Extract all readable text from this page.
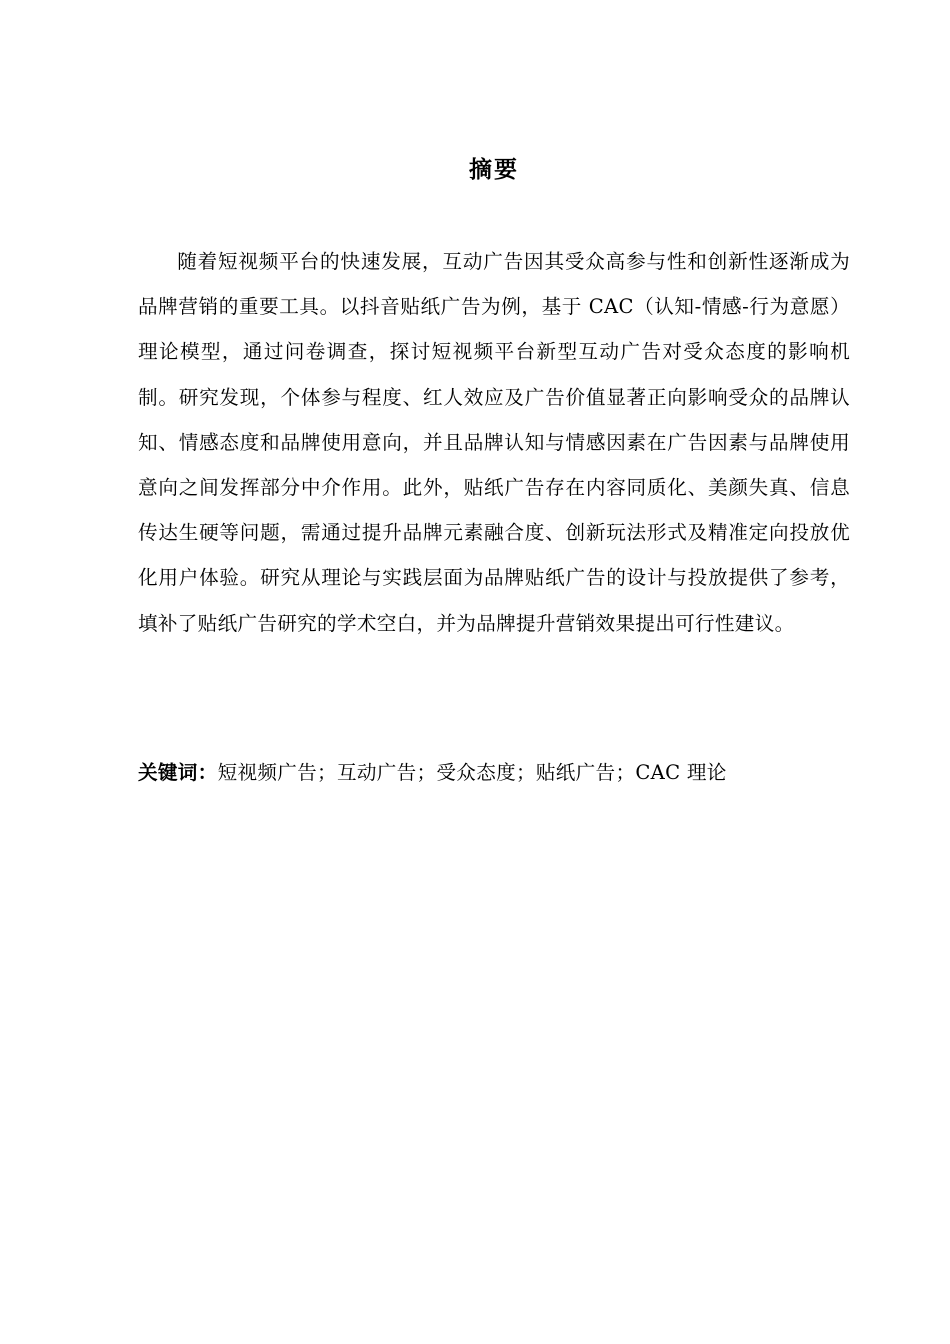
摘要

随着短视频平台的快速发展，互动广告因其受众高参与性和创新性逐渐成为品牌营销的重要工具。以抖音贴纸广告为例，基于 CAC（认知-情感-行为意愿）理论模型，通过问卷调查，探讨短视频平台新型互动广告对受众态度的影响机制。研究发现，个体参与程度、红人效应及广告价值显著正向影响受众的品牌认知、情感态度和品牌使用意向，并且品牌认知与情感因素在广告因素与品牌使用意向之间发挥部分中介作用。此外，贴纸广告存在内容同质化、美颜失真、信息传达生硬等问题，需通过提升品牌元素融合度、创新玩法形式及精准定向投放优化用户体验。研究从理论与实践层面为品牌贴纸广告的设计与投放提供了参考，填补了贴纸广告研究的学术空白，并为品牌提升营销效果提出可行性建议。

关键词：短视频广告；互动广告；受众态度；贴纸广告；CAC 理论
